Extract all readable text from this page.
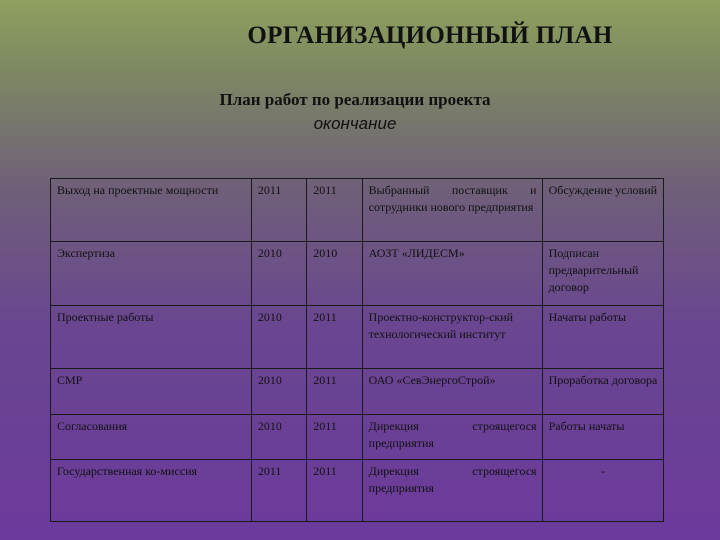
ОРГАНИЗАЦИОННЫЙ ПЛАН
План работ по реализации проекта
окончание
Выход на проектные мощности	2011	2011	Выбранный поставщик и сотрудники нового предприятия	Обсуждение условий
Экспертиза	2010	2010	АОЗТ «ЛИДЕСМ»	Подписан предварительный договор
Проектные работы	2010	2011	Проектно-конструктор-ский технологический институт	Начаты работы
СМР	2010	2011	ОАО «СевЭнергоСтрой»	Проработка договора
Согласования	2010	2011	Дирекция строящегося предприятия	Работы начаты
Государственная ко-миссия	2011	2011	Дирекция строящегося предприятия	-
